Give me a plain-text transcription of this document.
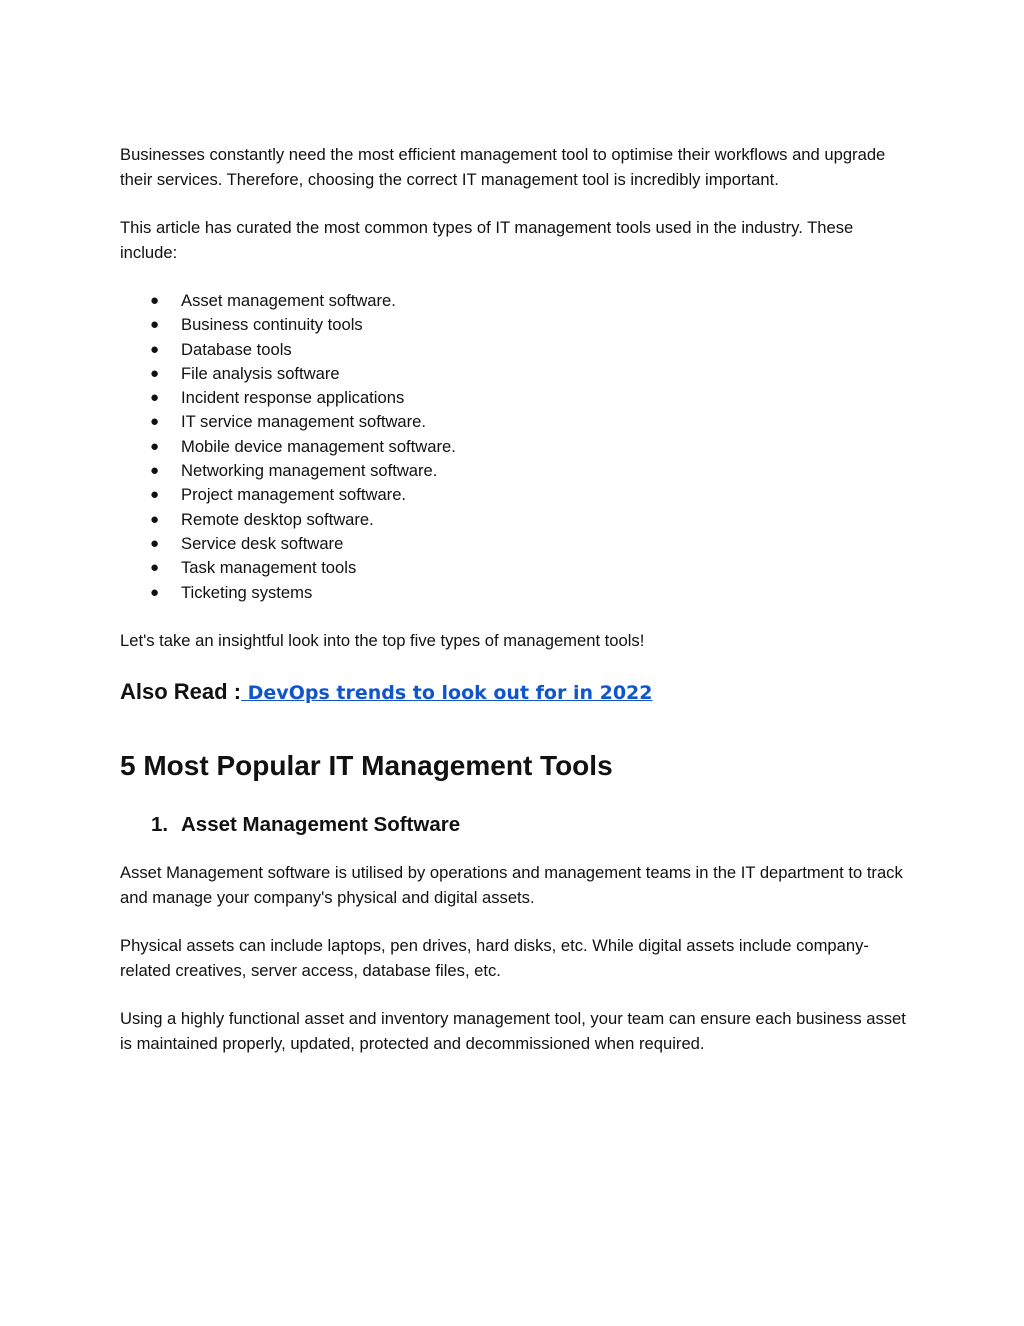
Businesses constantly need the most efficient management tool to optimise their workflows and upgrade their services. Therefore, choosing the correct IT management tool is incredibly important.

This article has curated the most common types of IT management tools used in the industry. These include:

● Asset management software.
● Business continuity tools
● Database tools
● File analysis software
● Incident response applications
● IT service management software.
● Mobile device management software.
● Networking management software.
● Project management software.
● Remote desktop software.
● Service desk software
● Task management tools
● Ticketing systems

Let's take an insightful look into the top five types of management tools!

Also Read : DevOps trends to look out for in 2022
5 Most Popular IT Management Tools
1. Asset Management Software

Asset Management software is utilised by operations and management teams in the IT department to track and manage your company's physical and digital assets.

Physical assets can include laptops, pen drives, hard disks, etc. While digital assets include company-related creatives, server access, database files, etc.

Using a highly functional asset and inventory management tool, your team can ensure each business asset is maintained properly, updated, protected and decommissioned when required.
